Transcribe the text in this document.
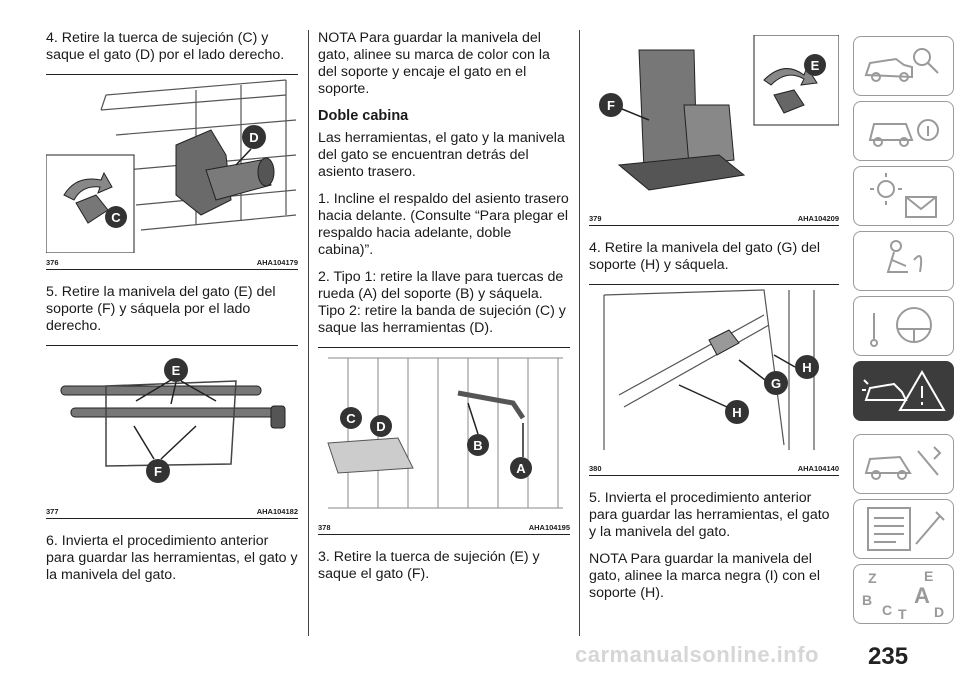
4. Retire la tuerca de sujeción (C) y saque el gato (D) por el lado derecho.

C
D
376	AHA104179

5. Retire la manivela del gato (E) del soporte (F) y sáquela por el lado derecho.

E
F
377	AHA104182

6. Invierta el procedimiento anterior para guardar las herramientas, el gato y la manivela del gato.

NOTA Para guardar la manivela del gato, alinee su marca de color con la del soporte y encaje el gato en el soporte.

Doble cabina

Las herramientas, el gato y la manivela del gato se encuentran detrás del asiento trasero.

1. Incline el respaldo del asiento trasero hacia delante. (Consulte “Para plegar el respaldo hacia adelante, doble cabina)”.

2. Tipo 1: retire la llave para tuercas de rueda (A) del soporte (B) y sáquela. Tipo 2: retire la banda de sujeción (C) y saque las herramientas (D).

C
D
B
A
378	AHA104195

3. Retire la tuerca de sujeción (E) y saque el gato (F).

E
F
379	AHA104209

4. Retire la manivela del gato (G) del soporte (H) y sáquela.

H
G
H
380	AHA104140

5. Invierta el procedimiento anterior para guardar las herramientas, el gato y la manivela del gato.

NOTA Para guardar la manivela del gato, alinee la marca negra (I) con el soporte (H).

Z	E
B A
C T D
carmanualsonline.info 235
